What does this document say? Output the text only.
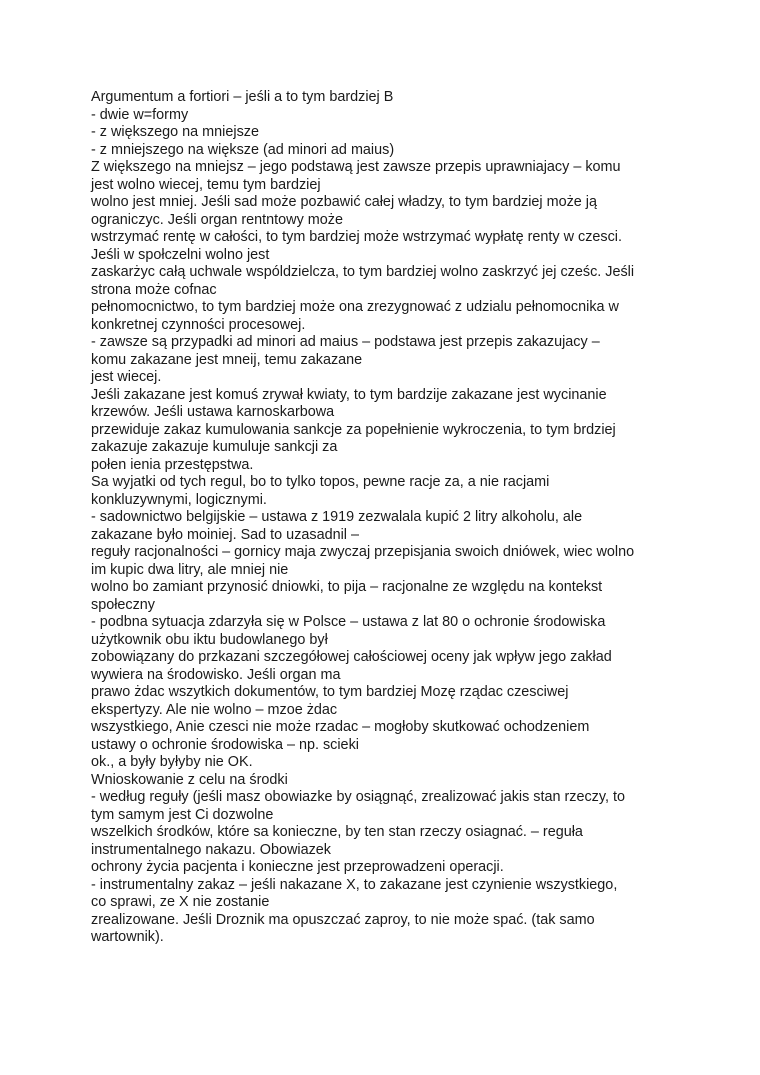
Argumentum a fortiori – jeśli a to tym bardziej B
- dwie w=formy
- z większego na mniejsze
- z mniejszego na większe (ad minori ad maius)
Z większego na mniejsz – jego podstawą jest zawsze przepis uprawniajacy – komu
jest wolno wiecej, temu tym bardziej
wolno jest mniej. Jeśli sad może pozbawić całej władzy, to tym bardziej może ją
ograniczyc. Jeśli organ rentntowy może
wstrzymać rentę w całości, to tym bardziej może wstrzymać wypłatę renty w czesci.
Jeśli w społczelni wolno jest
zaskarżyc całą uchwale wspóldzielcza, to tym bardziej wolno zaskrzyć jej cześc. Jeśli
strona może cofnac
pełnomocnictwo, to tym bardziej może ona zrezygnować z udzialu pełnomocnika w
konkretnej czynności procesowej.
- zawsze są przypadki ad minori ad maius – podstawa jest przepis zakazujacy –
komu zakazane jest mneij, temu zakazane
jest wiecej.
Jeśli zakazane jest komuś zrywał kwiaty, to tym bardzije zakazane jest wycinanie
krzewów. Jeśli ustawa karnoskarbowa
przewiduje zakaz kumulowania sankcje za popełnienie wykroczenia, to tym brdziej
zakazuje zakazuje kumuluje sankcji za
połen ienia przestępstwa.
Sa wyjatki od tych regul, bo to tylko topos, pewne racje za, a nie racjami
konkluzywnymi, logicznymi.
- sadownictwo belgijskie – ustawa z 1919 zezwalala kupić 2 litry alkoholu, ale
zakazane było moiniej. Sad to uzasadnil –
reguły racjonalności – gornicy maja zwyczaj przepisjania swoich dniówek, wiec wolno
im kupic dwa litry, ale mniej nie
wolno bo zamiant przynosić dniowki, to pija – racjonalne ze względu na kontekst
społeczny
- podbna sytuacja zdarzyła się w Polsce – ustawa z lat 80 o ochronie środowiska
użytkownik obu iktu budowlanego był
zobowiązany do przkazani szczegółowej całościowej oceny jak wpływ jego zakład
wywiera na środowisko. Jeśli organ ma
prawo żdac wszytkich dokumentów, to tym bardziej Mozę rządac czesciwej
ekspertyzy. Ale nie wolno – mzoe żdac
wszystkiego, Anie czesci nie może rzadac – mogłoby skutkować ochodzeniem
ustawy o ochronie środowiska – np. scieki
ok., a były byłyby nie OK.
Wnioskowanie z celu na środki
- według reguły (jeśli masz obowiazke by osiągnąć, zrealizować jakis stan rzeczy, to
tym samym jest Ci dozwolne
wszelkich środków, które sa konieczne, by ten stan rzeczy osiagnać. – reguła
instrumentalnego nakazu. Obowiazek
ochrony życia pacjenta i konieczne jest przeprowadzeni operacji.
- instrumentalny zakaz – jeśli nakazane X, to zakazane jest czynienie wszystkiego,
co sprawi, ze X nie zostanie
zrealizowane. Jeśli Droznik ma opuszczać zaproy, to nie może spać. (tak samo
wartownik).
